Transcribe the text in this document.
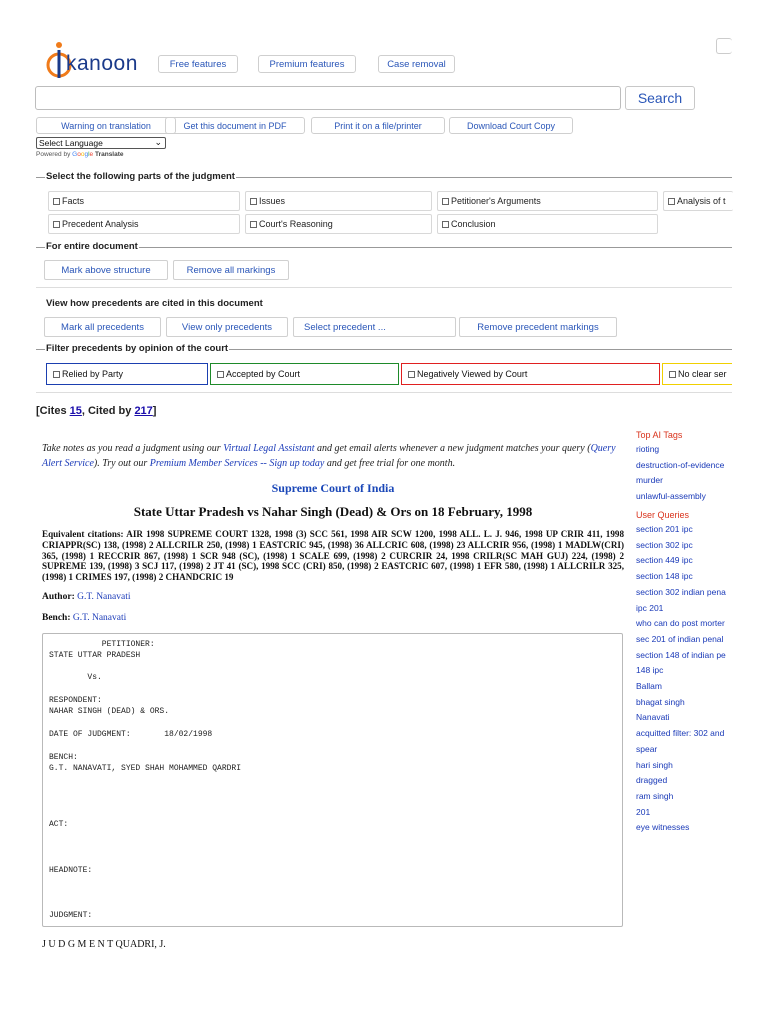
kanoon	Free features	Premium features	Case removal
Search
Warning on translation	Get this document in PDF	Print it on a file/printer	Download Court Copy
Select Language	⌄
Powered by Google Translate
Select the following parts of the judgment
Facts	Issues	Petitioner's Arguments	Analysis of t
Precedent Analysis	Court's Reasoning	Conclusion
For entire document
Mark above structure	Remove all markings
View how precedents are cited in this document
Mark all precedents	View only precedents	Select precedent ...	Remove precedent markings
Filter precedents by opinion of the court
Relied by Party	Accepted by Court	Negatively Viewed by Court	No clear ser
[Cites 15, Cited by 217]
Top AI Tags
rioting
destruction-of-evidence
murder
unlawful-assembly
User Queries
section 201 ipc
section 302 ipc
section 449 ipc
section 148 ipc
section 302 indian pena
ipc 201
who can do post morter
sec 201 of indian penal
section 148 of indian pe
148 ipc
Ballam
bhagat singh
Nanavati
acquitted filter: 302 and
spear
hari singh
dragged
ram singh
201
eye witnesses
Take notes as you read a judgment using our Virtual Legal Assistant and get email alerts whenever a new judgment matches your query (Query Alert Service). Try out our Premium Member Services -- Sign up today and get free trial for one month.
Supreme Court of India
State Uttar Pradesh vs Nahar Singh (Dead) & Ors on 18 February, 1998
Equivalent citations: AIR 1998 SUPREME COURT 1328, 1998 (3) SCC 561, 1998 AIR SCW 1200, 1998 ALL. L. J. 946, 1998 UP CRIR 411, 1998 CRIAPPR(SC) 138, (1998) 2 ALLCRILR 250, (1998) 1 EASTCRIC 945, (1998) 36 ALLCRIC 608, (1998) 23 ALLCRIR 956, (1998) 1 MADLW(CRI) 365, (1998) 1 RECCRIR 867, (1998) 1 SCR 948 (SC), (1998) 1 SCALE 699, (1998) 2 CURCRIR 24, 1998 CRILR(SC MAH GUJ) 224, (1998) 2 SUPREME 139, (1998) 3 SCJ 117, (1998) 2 JT 41 (SC), 1998 SCC (CRI) 850, (1998) 2 EASTCRIC 607, (1998) 1 EFR 580, (1998) 1 ALLCRILR 325, (1998) 1 CRIMES 197, (1998) 2 CHANDCRIC 19
Author: G.T. Nanavati
Bench: G.T. Nanavati
PETITIONER:
STATE UTTAR PRADESH
Vs.
RESPONDENT:
NAHAR SINGH (DEAD) & ORS.
DATE OF JUDGMENT:       18/02/1998
BENCH:
G.T. NANAVATI, SYED SHAH MOHAMMED QARDRI
ACT:
HEADNOTE:
JUDGMENT:
J U D G M E N T QUADRI, J.
